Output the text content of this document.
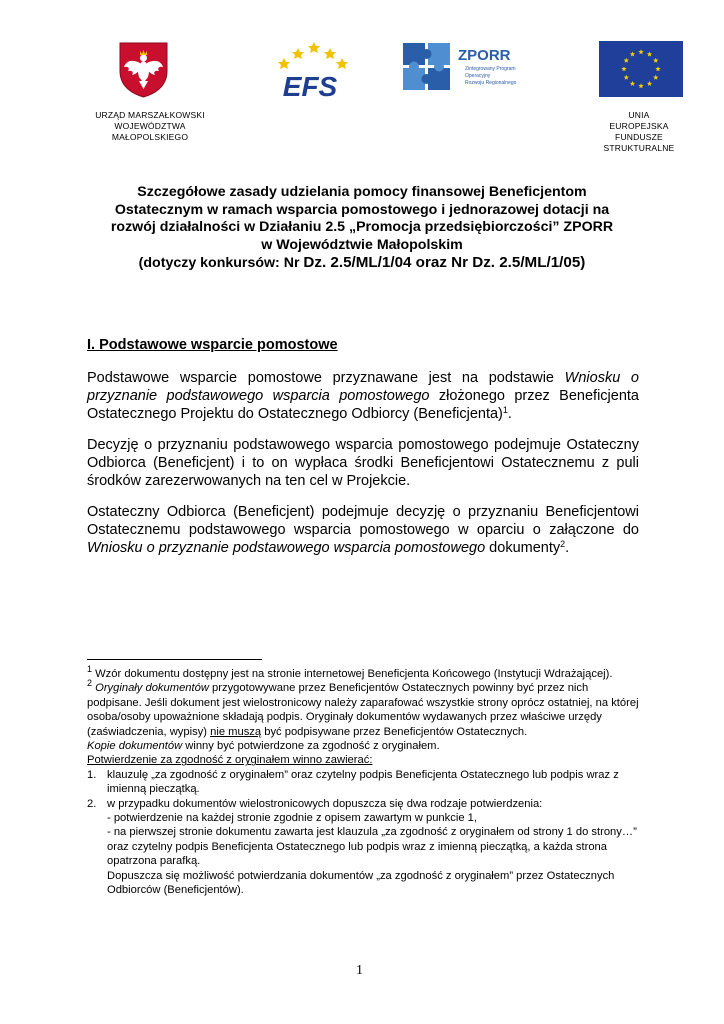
EFS
ZPORR
Zintegrowany Program
Operacyjny
Rozwoju Regionalnego
URZĄD MARSZAŁKOWSKI
WOJEWÓDZTWA
MAŁOPOLSKIEGO
UNIA
EUROPEJSKA
FUNDUSZE
STRUKTURALNE
Szczegółowe zasady udzielania pomocy finansowej Beneficjentom
Ostatecznym w ramach wsparcia pomostowego i jednorazowej dotacji na
rozwój działalności w Działaniu 2.5 „Promocja przedsiębiorczości” ZPORR
w Województwie Małopolskim
(dotyczy konkursów: Nr Dz. 2.5/ML/1/04 oraz Nr Dz. 2.5/ML/1/05)
I. Podstawowe wsparcie pomostowe

Podstawowe wsparcie pomostowe przyznawane jest na podstawie Wniosku o przyznanie podstawowego wsparcia pomostowego złożonego przez Beneficjenta Ostatecznego Projektu do Ostatecznego Odbiorcy (Beneficjenta)$^1$.

Decyzję o przyznaniu podstawowego wsparcia pomostowego podejmuje Ostateczny Odbiorca (Beneficjent) i to on wypłaca środki Beneficjentowi Ostatecznemu z puli środków zarezerwowanych na ten cel w Projekcie.

Ostateczny Odbiorca (Beneficjent) podejmuje decyzję o przyznaniu Beneficjentowi Ostatecznemu podstawowego wsparcia pomostowego w oparciu o załączone do Wniosku o przyznanie podstawowego wsparcia pomostowego dokumenty$^2$.

$^1$ Wzór dokumentu dostępny jest na stronie internetowej Beneficjenta Końcowego (Instytucji Wdrażającej).

$^2$ Oryginały dokumentów przygotowywane przez Beneficjentów Ostatecznych powinny być przez nich podpisane. Jeśli dokument jest wielostronicowy należy zaparafować wszystkie strony oprócz ostatniej, na której osoba/osoby upoważnione składają podpis. Oryginały dokumentów wydawanych przez właściwe urzędy (zaświadczenia, wypisy) nie muszą być podpisywane przez Beneficjentów Ostatecznych.

Kopie dokumentów winny być potwierdzone za zgodność z oryginałem.

Potwierdzenie za zgodność z oryginałem winno zawierać:

1. klauzulę „za zgodność z oryginałem” oraz czytelny podpis Beneficjenta Ostatecznego lub podpis wraz z imienną pieczątką.
2. w przypadku dokumentów wielostronicowych dopuszcza się dwa rodzaje potwierdzenia:
- potwierdzenie na każdej stronie zgodnie z opisem zawartym w punkcie 1,
- na pierwszej stronie dokumentu zawarta jest klauzula „za zgodność z oryginałem od strony 1 do strony…” oraz czytelny podpis Beneficjenta Ostatecznego lub podpis wraz z imienną pieczątką, a każda strona opatrzona parafką.
Dopuszcza się możliwość potwierdzania dokumentów „za zgodność z oryginałem” przez Ostatecznych Odbiorców (Beneficjentów).
1
